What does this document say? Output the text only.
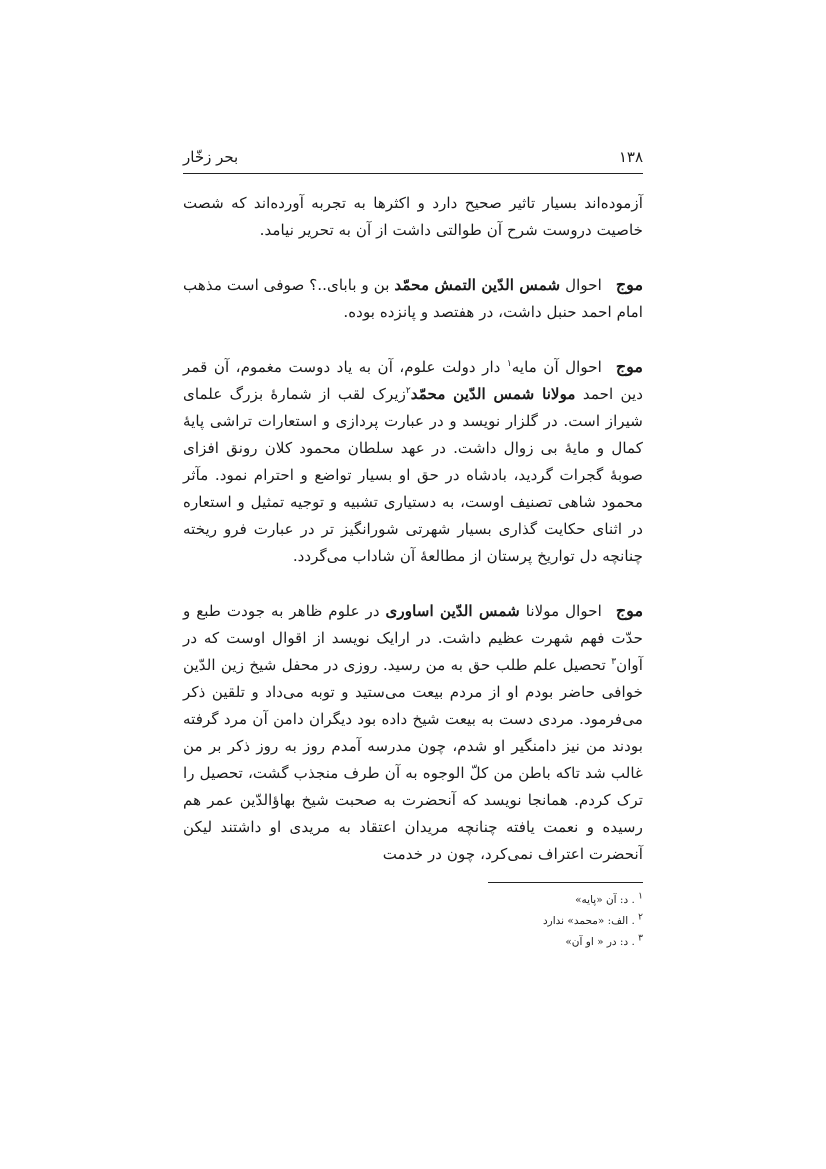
١٣٨
بحر زخّار

آزموده‌اند بسیار تاثیر صحیح دارد و اکثرها به تجربه آورده‌اند که شصت خاصیت دروست شرح آن طوالتی داشت از آن به تحریر نیامد.

موجاحوال شمس الدّین التمش محمّد بن و بابای..؟ صوفی است مذهب امام احمد حنبل داشت، در هفتصد و پانزده بوده.

موجاحوال آن مایه$^١$ دار دولت علوم، آن به یاد دوست مغموم، آن قمر دین احمد مولانا شمس الدّین محمّد$^٢$زیرک لقب از شمارهٔ بزرگ علمای شیراز است. در گلزار نویسد و در عبارت پردازی و استعارات تراشی پایهٔ کمال و مایهٔ بی زوال داشت. در عهد سلطان محمود کلان رونق افزای صوبهٔ گجرات گردید، بادشاه در حق او بسیار تواضع و احترام نمود. مآثر محمود شاهی تصنیف اوست، به دستیاری تشبیه و توجیه تمثیل و استعاره در اثنای حکایت گذاری بسیار شهرتی شورانگیز تر در عبارت فرو ریخته چنانچه دل تواریخ پرستان از مطالعهٔ آن شاداب می‌گردد.

موجاحوال مولانا شمس الدّین اساوری در علوم ظاهر به جودت طبع و حدّت فهم شهرت عظیم داشت. در ارایک نویسد از اقوال اوست که در آوان$^٣$ تحصیل علم طلب حق به من رسید. روزی در محفل شیخ زین الدّین خوافی حاضر بودم او از مردم بیعت می‌ستید و توبه می‌داد و تلقین ذکر می‌فرمود. مردی دست به بیعت شیخ داده بود دیگران دامن آن مرد گرفته بودند من نیز دامنگیر او شدم، چون مدرسه آمدم روز به روز ذکر بر من غالب شد تاکه باطن من کلّ الوجوه به آن طرف منجذب گشت، تحصیل را ترک کردم. همانجا نویسد که آنحضرت به صحبت شیخ بهاؤالدّین عمر هم رسیده و نعمت یافته چنانچه مریدان اعتقاد به مریدی او داشتند لیکن آنحضرت اعتراف نمی‌کرد، چون در خدمت

$^١$ . د: آن «پایه»

$^٢$ . الف: «محمد» ندارد

$^٣$ . د: در « او آن»
